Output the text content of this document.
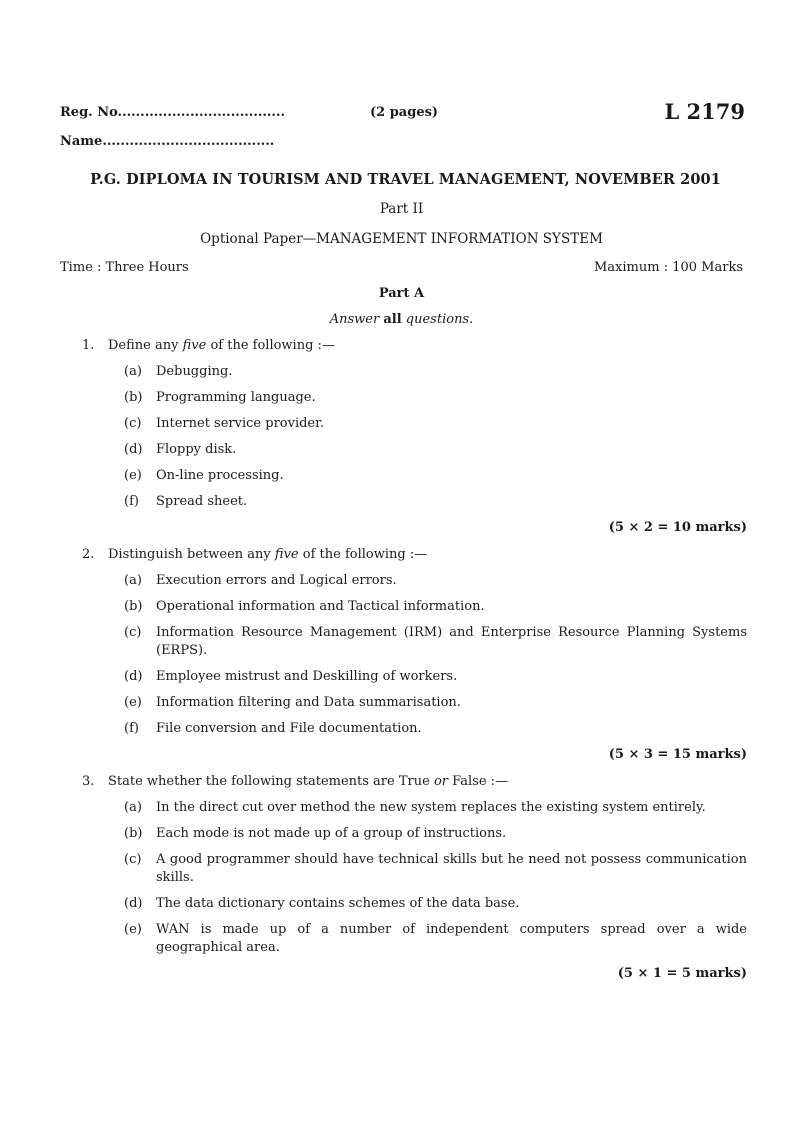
Reg. No.....................................	(2 pages)	L 2179
Name......................................
P.G. DIPLOMA IN TOURISM AND TRAVEL MANAGEMENT, NOVEMBER 2001
Part II
Optional Paper—MANAGEMENT INFORMATION SYSTEM
Time : Three Hours	Maximum : 100 Marks
Part A
Answer all questions.
1.	Define any five of the following :—
(a)	Debugging.
(b)	Programming language.
(c)	Internet service provider.
(d)	Floppy disk.
(e)	On-line processing.
(f)	Spread sheet.
(5 × 2 = 10 marks)
2.	Distinguish between any five of the following :—
(a)	Execution errors and Logical errors.
(b)	Operational information and Tactical information.
(c)	Information Resource Management (IRM) and Enterprise Resource Planning Systems (ERPS).
(d)	Employee mistrust and Deskilling of workers.
(e)	Information filtering and Data summarisation.
(f)	File conversion and File documentation.
(5 × 3 = 15 marks)
3.	State whether the following statements are True or False :—
(a)	In the direct cut over method the new system replaces the existing system entirely.
(b)	Each mode is not made up of a group of instructions.
(c)	A good programmer should have technical skills but he need not possess communication skills.
(d)	The data dictionary contains schemes of the data base.
(e)	WAN is made up of a number of independent computers spread over a wide geographical area.
(5 × 1 = 5 marks)
